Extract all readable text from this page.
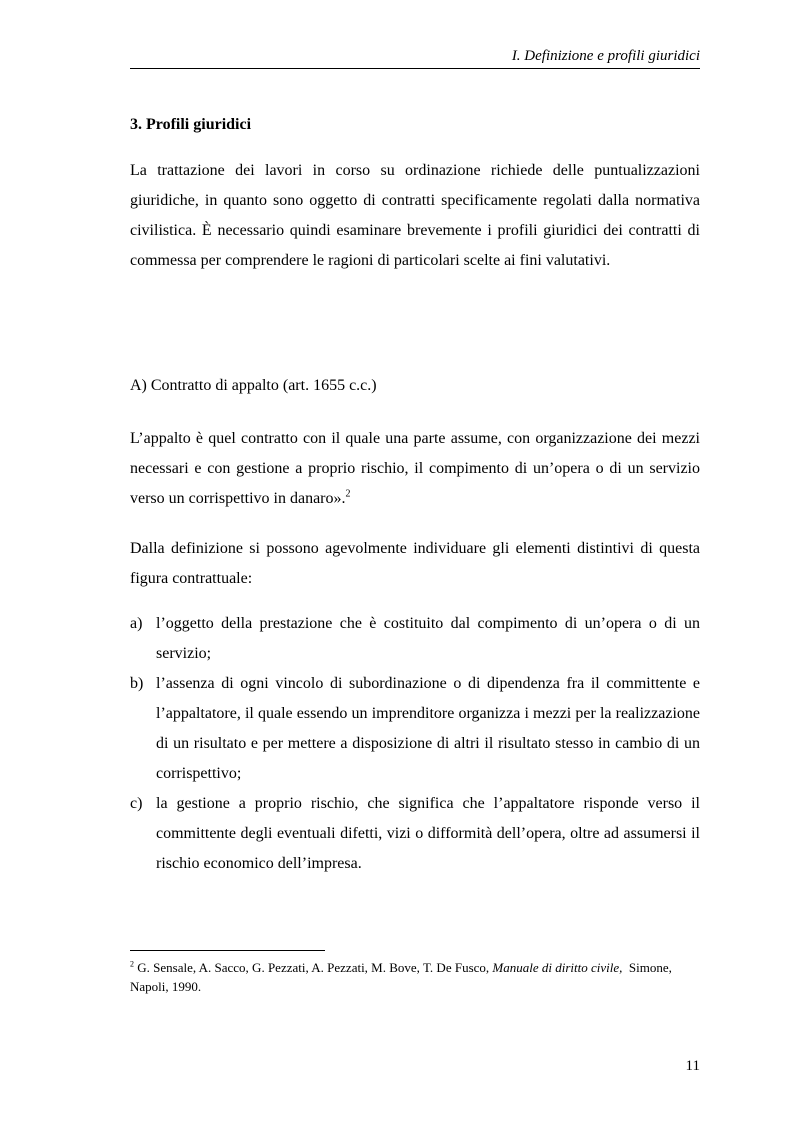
I. Definizione e profili giuridici
3. Profili giuridici

La trattazione dei lavori in corso su ordinazione richiede delle puntualizzazioni giuridiche, in quanto sono oggetto di contratti specificamente regolati dalla normativa civilistica. È necessario quindi esaminare brevemente i profili giuridici dei contratti di commessa per comprendere le ragioni di particolari scelte ai fini valutativi.

A) Contratto di appalto (art. 1655 c.c.)

L’appalto è quel contratto con il quale una parte assume, con organizzazione dei mezzi necessari e con gestione a proprio rischio, il compimento di un’opera o di un servizio verso un corrispettivo in danaro».$^2$

Dalla definizione si possono agevolmente individuare gli elementi distintivi di questa figura contrattuale:

a) l’oggetto della prestazione che è costituito dal compimento di un’opera o di un servizio;
b) l’assenza di ogni vincolo di subordinazione o di dipendenza fra il committente e l’appaltatore, il quale essendo un imprenditore organizza i mezzi per la realizzazione di un risultato e per mettere a disposizione di altri il risultato stesso in cambio di un corrispettivo;
c) la gestione a proprio rischio, che significa che l’appaltatore risponde verso il committente degli eventuali difetti, vizi o difformità dell’opera, oltre ad assumersi il rischio economico dell’impresa.

$^2$ G. Sensale, A. Sacco, G. Pezzati, A. Pezzati, M. Bove, T. De Fusco, Manuale di diritto civile, Simone, Napoli, 1990.

11
